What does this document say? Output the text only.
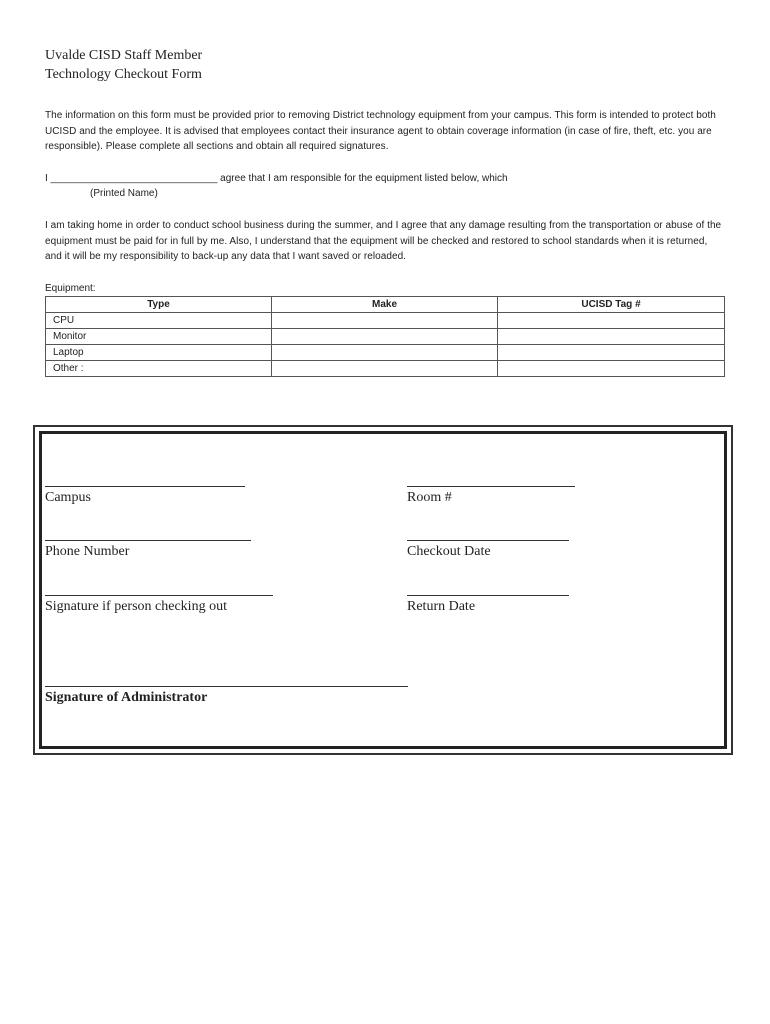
Uvalde CISD Staff Member
Technology Checkout Form
The information on this form must be provided prior to removing District technology equipment from your campus. This form is intended to protect both UCISD and the employee. It is advised that employees contact their insurance agent to obtain coverage information (in case of fire, theft, etc. you are responsible). Please complete all sections and obtain all required signatures.
I ______________________________ agree that I am responsible for the equipment listed below, which
(Printed Name)
I am taking home in order to conduct school business during the summer, and I agree that any damage resulting from the transportation or abuse of the equipment must be paid for in full by me. Also, I understand that the equipment will be checked and restored to school standards when it is returned, and it will be my responsibility to back-up any data that I want saved or reloaded.
Equipment:
Type	Make	UCISD Tag #
CPU		
Monitor		
Laptop		
Other :		
Campus	Room #
Phone Number	Checkout Date
Signature if person checking out	Return Date
Signature of Administrator
